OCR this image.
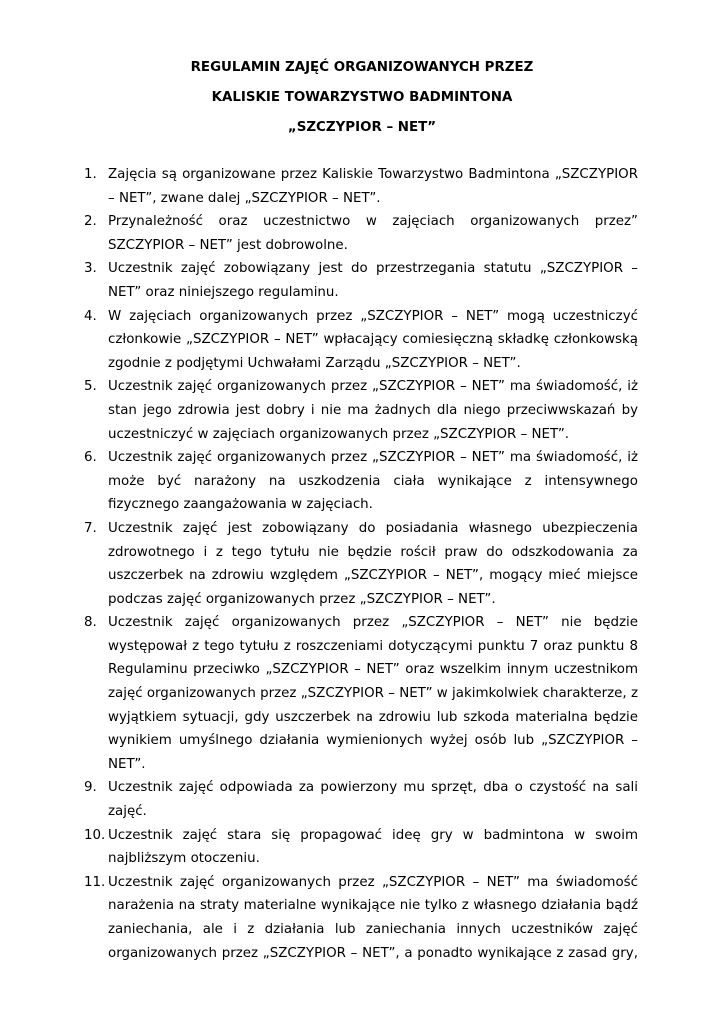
REGULAMIN ZAJĘĆ ORGANIZOWANYCH PRZEZ
KALISKIE TOWARZYSTWO BADMINTONA
„SZCZYPIOR – NET”
1. Zajęcia są organizowane przez Kaliskie Towarzystwo Badmintona „SZCZYPIOR – NET”, zwane dalej „SZCZYPIOR – NET”.
2. Przynależność oraz uczestnictwo w zajęciach organizowanych przez” SZCZYPIOR – NET” jest dobrowolne.
3. Uczestnik zajęć zobowiązany jest do przestrzegania statutu „SZCZYPIOR – NET” oraz niniejszego regulaminu.
4. W zajęciach organizowanych przez „SZCZYPIOR – NET” mogą uczestniczyć członkowie „SZCZYPIOR – NET” wpłacający comiesięczną składkę członkowską zgodnie z podjętymi Uchwałami Zarządu „SZCZYPIOR – NET”.
5. Uczestnik zajęć organizowanych przez „SZCZYPIOR – NET” ma świadomość, iż stan jego zdrowia jest dobry i nie ma żadnych dla niego przeciwwskazań by uczestniczyć w zajęciach organizowanych przez „SZCZYPIOR – NET”.
6. Uczestnik zajęć organizowanych przez „SZCZYPIOR – NET” ma świadomość, iż może być narażony na uszkodzenia ciała wynikające z intensywnego fizycznego zaangażowania w zajęciach.
7. Uczestnik zajęć jest zobowiązany do posiadania własnego ubezpieczenia zdrowotnego i z tego tytułu nie będzie rościł praw do odszkodowania za uszczerbek na zdrowiu względem „SZCZYPIOR – NET”, mogący mieć miejsce podczas zajęć organizowanych przez „SZCZYPIOR – NET”.
8. Uczestnik zajęć organizowanych przez „SZCZYPIOR – NET” nie będzie występował z tego tytułu z roszczeniami dotyczącymi punktu 7 oraz punktu 8 Regulaminu przeciwko „SZCZYPIOR – NET” oraz wszelkim innym uczestnikom zajęć organizowanych przez „SZCZYPIOR – NET” w jakimkolwiek charakterze, z wyjątkiem sytuacji, gdy uszczerbek na zdrowiu lub szkoda materialna będzie wynikiem umyślnego działania wymienionych wyżej osób lub „SZCZYPIOR – NET”.
9. Uczestnik zajęć odpowiada za powierzony mu sprzęt, dba o czystość na sali zajęć.
10. Uczestnik zajęć stara się propagować ideę gry w badmintona w swoim najbliższym otoczeniu.
11. Uczestnik zajęć organizowanych przez „SZCZYPIOR – NET” ma świadomość narażenia na straty materialne wynikające nie tylko z własnego działania bądź zaniechania, ale i z działania lub zaniechania innych uczestników zajęć organizowanych przez „SZCZYPIOR – NET”, a ponadto wynikające z zasad gry,
